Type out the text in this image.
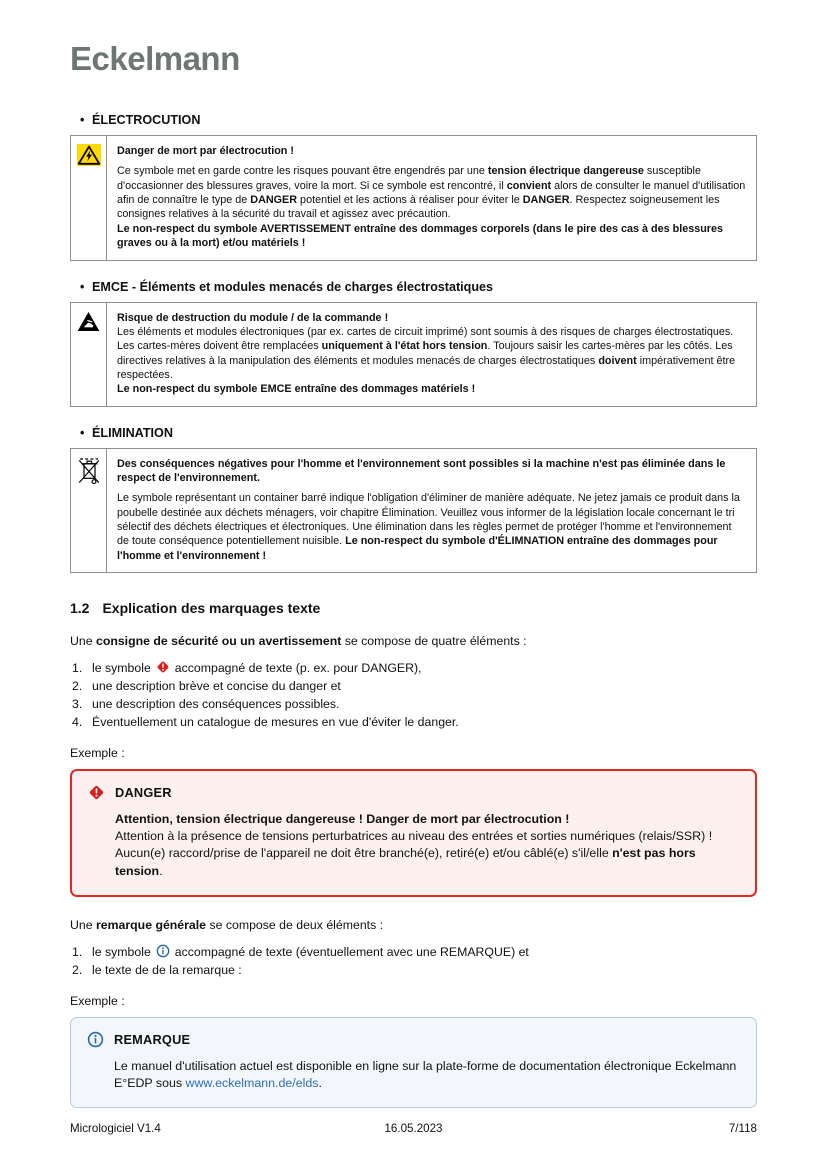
Eckelmann
• ÉLECTROCUTION
Danger de mort par électrocution !
Ce symbole met en garde contre les risques pouvant être engendrés par une tension électrique dangereuse susceptible d'occasionner des blessures graves, voire la mort. Si ce symbole est rencontré, il convient alors de consulter le manuel d'utilisation afin de connaître le type de DANGER potentiel et les actions à réaliser pour éviter le DANGER. Respectez soigneusement les consignes relatives à la sécurité du travail et agissez avec précaution.
Le non-respect du symbole AVERTISSEMENT entraîne des dommages corporels (dans le pire des cas à des blessures graves ou à la mort) et/ou matériels !
• EMCE - Éléments et modules menacés de charges électrostatiques
Risque de destruction du module / de la commande !
Les éléments et modules électroniques (par ex. cartes de circuit imprimé) sont soumis à des risques de charges électrostatiques. Les cartes-mères doivent être remplacées uniquement à l'état hors tension. Toujours saisir les cartes-mères par les côtés. Les directives relatives à la manipulation des éléments et modules menacés de charges électrostatiques doivent impérativement être respectées.
Le non-respect du symbole EMCE entraîne des dommages matériels !
• ÉLIMINATION
Des conséquences négatives pour l'homme et l'environnement sont possibles si la machine n'est pas éliminée dans le respect de l'environnement.
Le symbole représentant un container barré indique l'obligation d'éliminer de manière adéquate. Ne jetez jamais ce produit dans la poubelle destinée aux déchets ménagers, voir chapitre Élimination. Veuillez vous informer de la législation locale concernant le tri sélectif des déchets électriques et électroniques. Une élimination dans les règles permet de protéger l'homme et l'environnement de toute conséquence potentiellement nuisible. Le non-respect du symbole d'ÉLIMNATION entraîne des dommages pour l'homme et l'environnement !
1.2 Explication des marquages texte
Une consigne de sécurité ou un avertissement se compose de quatre éléments :
1. le symbole accompagné de texte (p. ex. pour DANGER),
2. une description brève et concise du danger et
3. une description des conséquences possibles.
4. Éventuellement un catalogue de mesures en vue d'éviter le danger.
Exemple :
DANGER
Attention, tension électrique dangereuse ! Danger de mort par électrocution !
Attention à la présence de tensions perturbatrices au niveau des entrées et sorties numériques (relais/SSR) ! Aucun(e) raccord/prise de l'appareil ne doit être branché(e), retiré(e) et/ou câblé(e) s'il/elle n'est pas hors tension.
Une remarque générale se compose de deux éléments :
1. le symbole accompagné de texte (éventuellement avec une REMARQUE) et
2. le texte de de la remarque :
Exemple :
REMARQUE
Le manuel d'utilisation actuel est disponible en ligne sur la plate-forme de documentation électronique Eckelmann E°EDP sous www.eckelmann.de/elds.
Micrologiciel V1.4	16.05.2023	7/118
